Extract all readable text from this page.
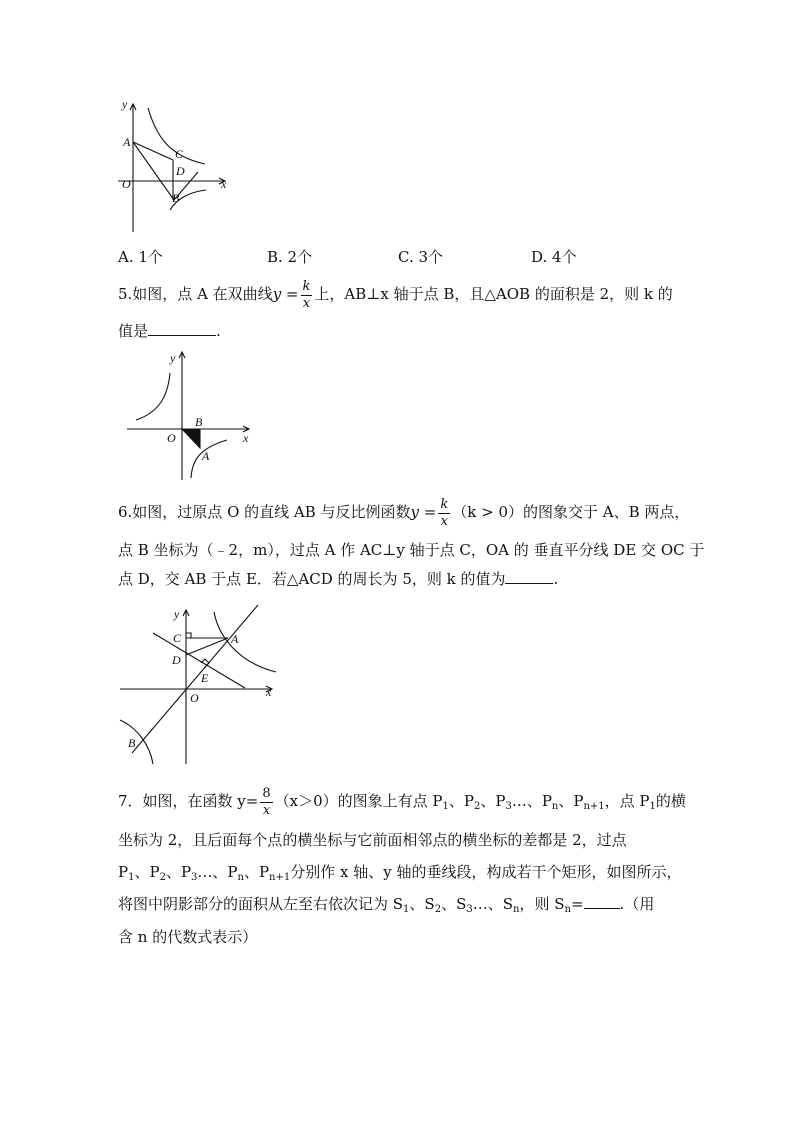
y
x
O
A
C
D
B
A. 1个	B. 2个	C. 3个	D. 4个
5.如图，点 A 在双曲线$y = \frac{k}{x}$ 上，AB⊥x 轴于点 B，且△AOB 的面积是 2，则 k 的
值是	.
y
x
O
B
A
6.如图，过原点 O 的直线 AB 与反比例函数$y = \frac{k}{x} (k > 0)$的图象交于 A、B 两点，
点 B 坐标为（﹣2，m），过点 A 作 AC⊥y 轴于点 C，OA 的 垂直平分线 DE 交 OC 于
点 D，交 AB 于点 E．若△ACD 的周长为 5，则 k 的值为	.
y
x
O
C	A
D
E
B
7．如图，在函数 $y= \frac{8}{x} (x>0)$的图象上有点 $P_1$、$P_2$、$P_3\dots$、$P_n$、$P_{n+1}$，点 $P_1$的横
坐标为 2，且后面每个点的横坐标与它前面相邻点的横坐标的差都是 2，过点
$P_1$、$P_2$、$P_3\dots$、$P_n$、$P_{n+1}$分别作 x 轴、y 轴的垂线段，构成若干个矩形，如图所示，
将图中阴影部分的面积从左至右依次记为 $S_1$、$S_2$、$S_3\dots$、$S_n$，则 $S_n=$ .（用
含 n 的代数式表示）
